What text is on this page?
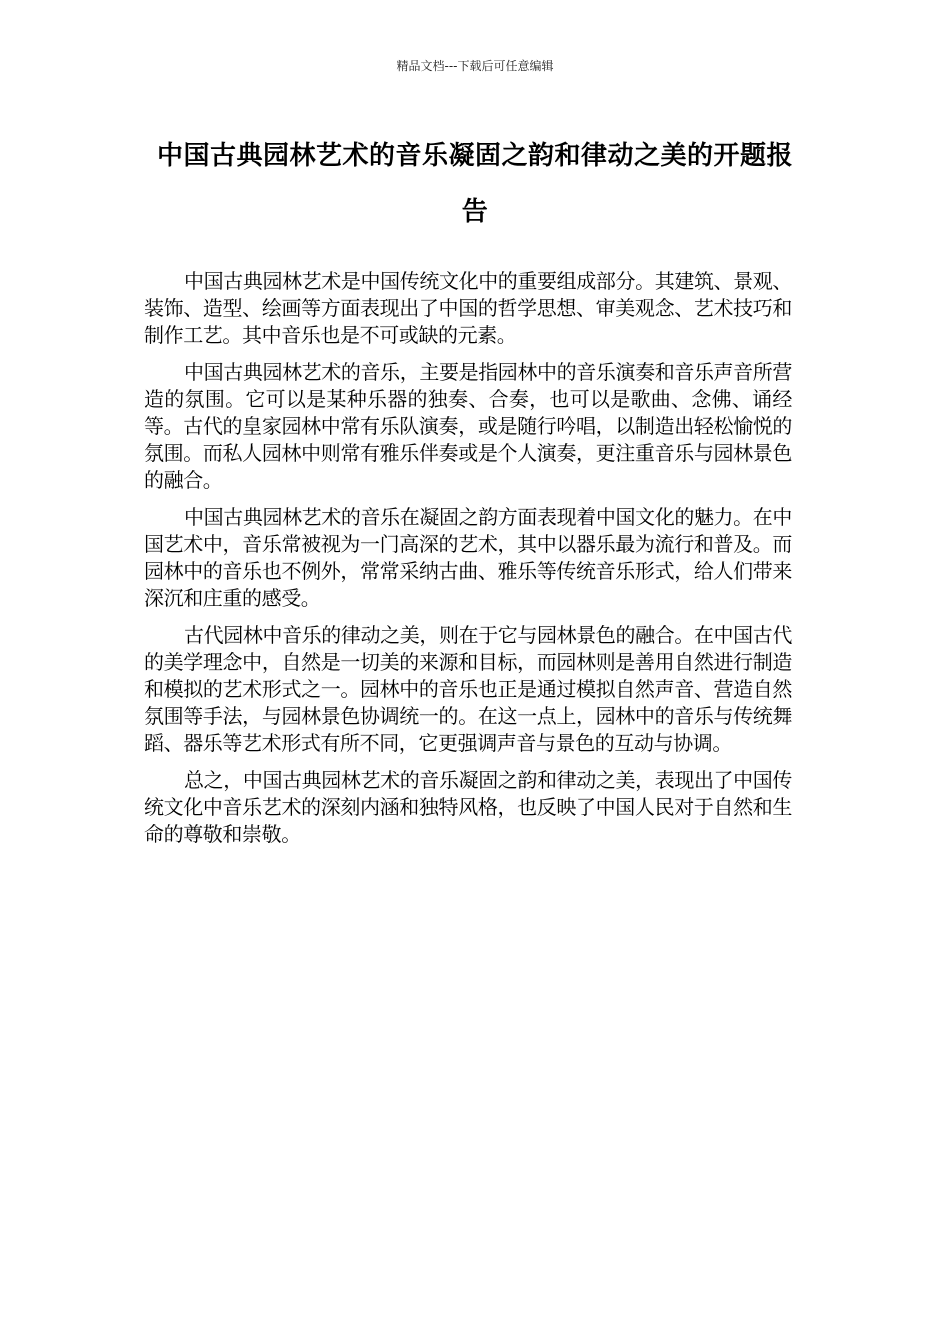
精品文档---下载后可任意编辑
中国古典园林艺术的音乐凝固之韵和律动之美的开题报告

中国古典园林艺术是中国传统文化中的重要组成部分。其建筑、景观、装饰、造型、绘画等方面表现出了中国的哲学思想、审美观念、艺术技巧和制作工艺。其中音乐也是不可或缺的元素。

中国古典园林艺术的音乐，主要是指园林中的音乐演奏和音乐声音所营造的氛围。它可以是某种乐器的独奏、合奏，也可以是歌曲、念佛、诵经等。古代的皇家园林中常有乐队演奏，或是随行吟唱，以制造出轻松愉悦的氛围。而私人园林中则常有雅乐伴奏或是个人演奏，更注重音乐与园林景色的融合。

中国古典园林艺术的音乐在凝固之韵方面表现着中国文化的魅力。在中国艺术中，音乐常被视为一门高深的艺术，其中以器乐最为流行和普及。而园林中的音乐也不例外，常常采纳古曲、雅乐等传统音乐形式，给人们带来深沉和庄重的感受。

古代园林中音乐的律动之美，则在于它与园林景色的融合。在中国古代的美学理念中，自然是一切美的来源和目标，而园林则是善用自然进行制造和模拟的艺术形式之一。园林中的音乐也正是通过模拟自然声音、营造自然氛围等手法，与园林景色协调统一的。在这一点上，园林中的音乐与传统舞蹈、器乐等艺术形式有所不同，它更强调声音与景色的互动与协调。

总之，中国古典园林艺术的音乐凝固之韵和律动之美，表现出了中国传统文化中音乐艺术的深刻内涵和独特风格，也反映了中国人民对于自然和生命的尊敬和崇敬。
